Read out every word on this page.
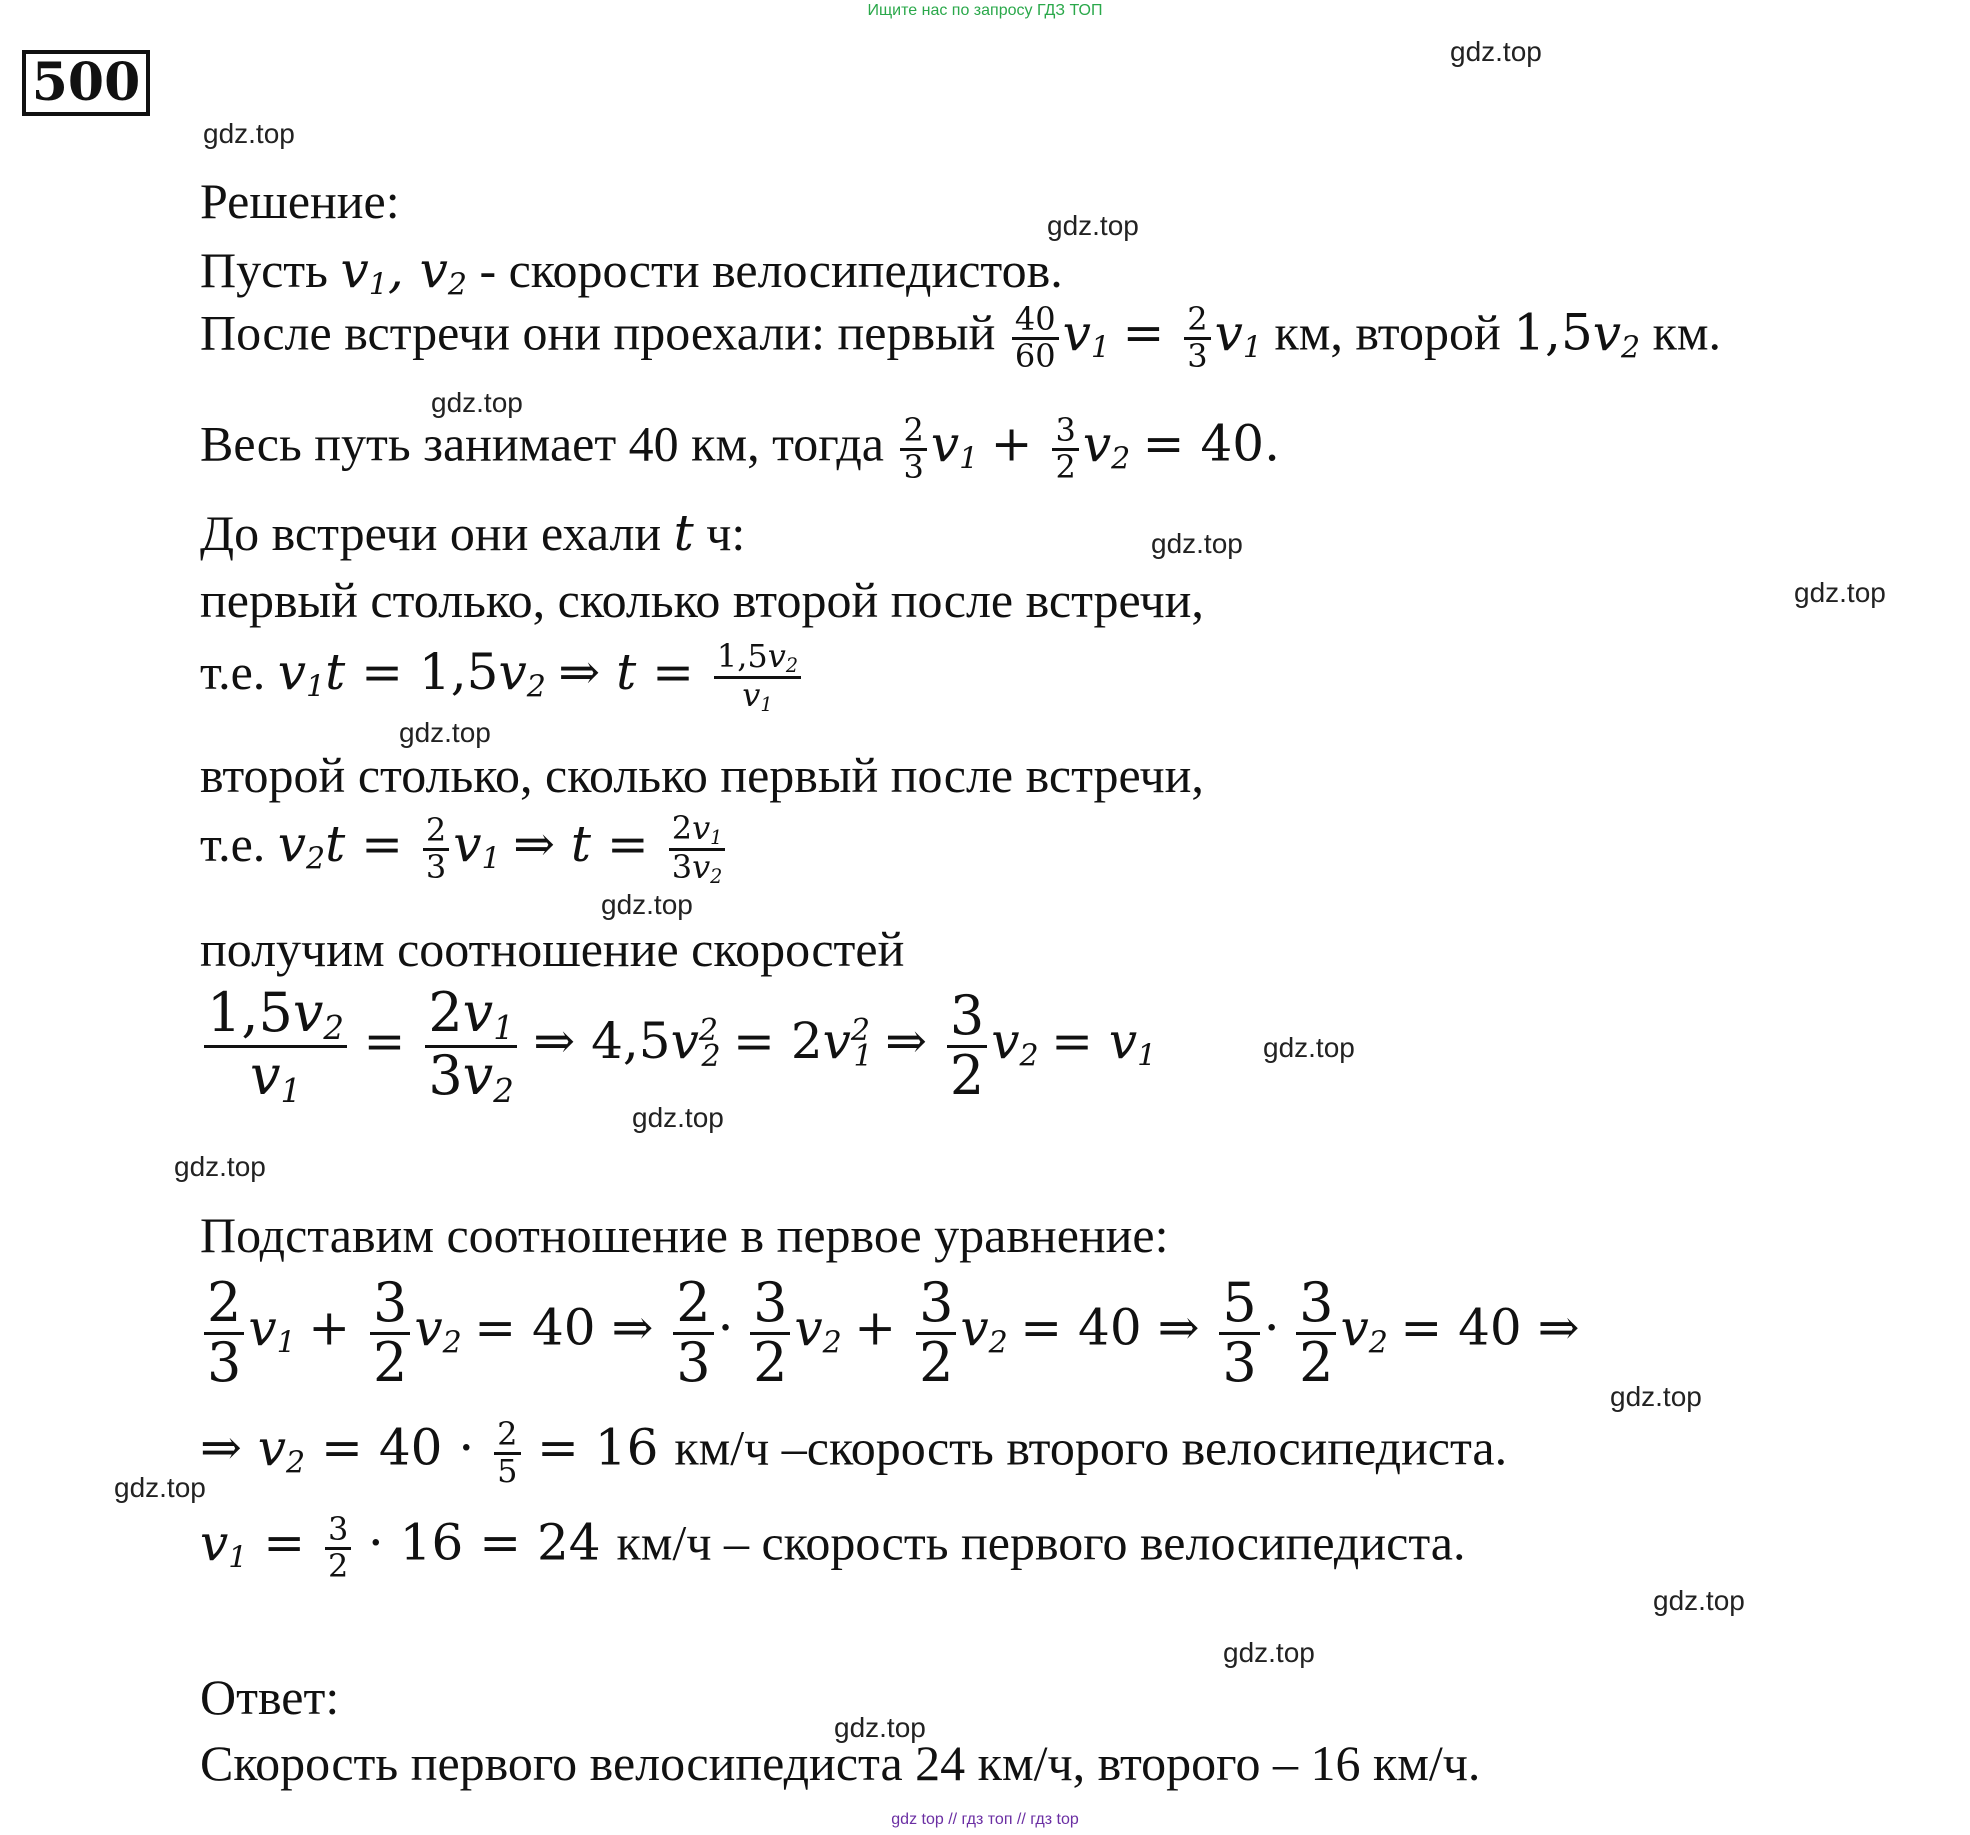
Ищите нас по запросу ГДЗ ТОП
500
gdz.top
gdz.top
gdz.top
gdz.top
gdz.top
gdz.top
gdz.top
gdz.top
gdz.top
gdz.top
gdz.top
gdz.top
gdz.top
gdz.top
gdz.top
gdz.top
Решение:
Пусть $v_1$, $v_2$ - скорости велосипедистов.
После встречи они проехали: первый $\frac{40}{60} v_1 = \frac{2}{3} v_1$ км, второй $1,5v_2$ км.
Весь путь занимает 40 км, тогда $\frac{2}{3} v_1 + \frac{3}{2} v_2 = 40$.
До встречи они ехали t ч:
первый столько, сколько второй после встречи,
т.е. $v_1t = 1,5v_2$ ⇒ $t = \frac{1,5v_2}{v_1}$
второй столько, сколько первый после встречи,
т.е. $v_2t = \frac{2}{3} v_1$ ⇒ $t = \frac{2v_1}{3v_2}$
получим соотношение скоростей
$\frac{1,5v_2}{v_1} = \frac{2v_1}{3v_2}$ ⇒ $4,5v^2_2 = 2v^2_1$ ⇒ $\frac{3}{2} v_2 = v_1$
Подставим соотношение в первое уравнение:
$\frac{2}{3} v_1 + \frac{3}{2} v_2 = 40$ ⇒ $\frac{2}{3} \cdot \frac{3}{2} v_2 + \frac{3}{2} v_2 = 40$ ⇒ $\frac{5}{3} \cdot \frac{3}{2} v_2 = 40$ ⇒
⇒ $v_2 = 40 \cdot \frac{2}{5} = 16$ км/ч –скорость второго велосипедиста.
$v_1 = \frac{3}{2} \cdot 16 = 24$ км/ч – скорость первого велосипедиста.
Ответ:
Скорость первого велосипедиста 24 км/ч, второго – 16 км/ч.
gdz top // гдз топ // гдз top
